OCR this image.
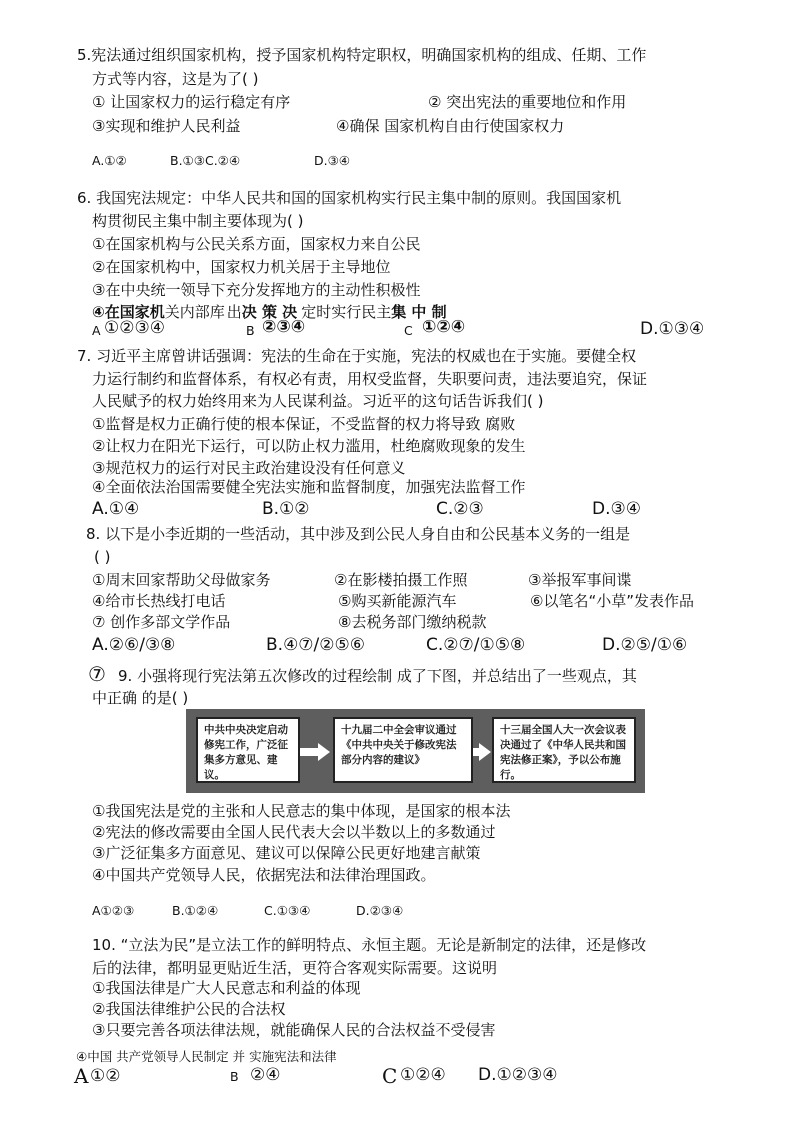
5.宪法通过组织国家机构，授予国家机构特定职权，明确国家机构的组成、任期、工作
方式等内容，这是为了( )
① 让国家权力的运行稳定有序	② 突出宪法的重要地位和作用
③实现和维护人民利益	④确保 国家机构自由行使国家权力
A.①②	B.①③C.②④	D.③④
6. 我国宪法规定：中华人民共和国的国家机构实行民主集中制的原则。我国国家机
构贯彻民主集中制主要体现为( )
①在国家机构与公民关系方面，国家权力来自公民
②在国家机构中，国家权力机关居于主导地位
③在中央统一领导下充分发挥地方的主动性积极性
④在国家机关内部库 出决 策 决 定时实行民主集 中 制
A ①②③④	B ②③④	C ①②④	D.①③④
7. 习近平主席曾讲话强调：宪法的生命在于实施，宪法的权威也在于实施。要健全权
力运行制约和监督体系，有权必有责，用权受监督，失职要问责，违法要追究，保证
人民赋予的权力始终用来为人民谋利益。习近平的这句话告诉我们( )
①监督是权力正确行使的根本保证，不受监督的权力将导致 腐败
②让权力在阳光下运行，可以防止权力滥用，杜绝腐败现象的发生
③规范权力的运行对民主政治建设没有任何意义
④全面依法治国需要健全宪法实施和监督制度，加强宪法监督工作
A.①④	B.①②	C.②③	D.③④
8. 以下是小李近期的一些活动，其中涉及到公民人身自由和公民基本义务的一组是
( )
①周末回家帮助父母做家务	②在影楼拍摄工作照	③举报军事间谍
④给市长热线打电话	⑤购买新能源汽车	⑥以笔名“小草”发表作品
⑦ 创作多部文学作品	⑧去税务部门缴纳税款
A.②⑥/③⑧	B.④⑦/②⑤⑥	C.②⑦/①⑤⑧	D.②⑤/①⑥
⑦ 9. 小强将现行宪法第五次修改的过程绘制 成了下图，并总结出了一些观点，其
中正确 的是( )
中共中央决定启动修宪工作，广泛征集多方意见、建议。
十九届二中全会审议通过《中共中央关于修改宪法部分内容的建议》
十三届全国人大一次会议表决通过了《中华人民共和国宪法修正案》，予以公布施行。
①我国宪法是党的主张和人民意志的集中体现，是国家的根本法
②宪法的修改需要由全国人民代表大会以半数以上的多数通过
③广泛征集多方面意见、建议可以保障公民更好地建言献策
④中国共产党领导人民，依据宪法和法律治理国政。
A①②③	B.①②④	C.①③④	D.②③④
10. “立法为民”是立法工作的鲜明特点、永恒主题。无论是新制定的法律，还是修改
后的法律，都明显更贴近生活，更符合客观实际需要。这说明
①我国法律是广大人民意志和利益的体现
②我国法律维护公民的合法权
③只要完善各项法律法规，就能确保人民的合法权益不受侵害
④中国 共产党领导人民制定 并 实施宪法和法律
A ①②	B ②④	C ①②④ D.①②③④
